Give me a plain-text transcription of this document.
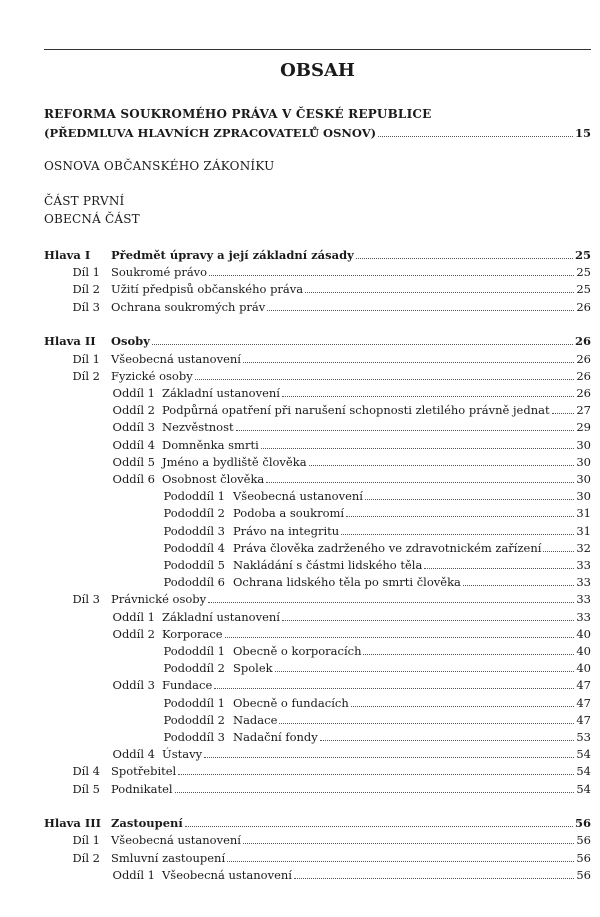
OBSAH
REFORMA SOUKROMÉHO PRÁVA V ČESKÉ REPUBLICE
(PŘEDMLUVA HLAVNÍCH ZPRACOVATELŮ OSNOV)	15
OSNOVA OBČANSKÉHO ZÁKONÍKU
ČÁST PRVNÍ
OBECNÁ ČÁST
Hlava I Předmět úpravy a její základní zásady	25
Díl 1 Soukromé právo	25
Díl 2 Užití předpisů občanského práva	25
Díl 3 Ochrana soukromých práv	26
Hlava II Osoby	26
Díl 1 Všeobecná ustanovení	26
Díl 2 Fyzické osoby	26
Oddíl 1 Základní ustanovení	26
Oddíl 2 Podpůrná opatření při narušení schopnosti zletilého právně jednat 27
Oddíl 3 Nezvěstnost	29
Oddíl 4 Domněnka smrti	30
Oddíl 5 Jméno a bydliště člověka	30
Oddíl 6 Osobnost člověka	30
Pododdíl 1 Všeobecná ustanovení	30
Pododdíl 2 Podoba a soukromí	31
Pododdíl 3 Právo na integritu	31
Pododdíl 4 Práva člověka zadrženého ve zdravotnickém zařízení	32
Pododdíl 5 Nakládání s částmi lidského těla	33
Pododdíl 6 Ochrana lidského těla po smrti člověka	33
Díl 3 Právnické osoby	33
Oddíl 1 Základní ustanovení	33
Oddíl 2 Korporace	40
Pododdíl 1 Obecně o korporacích	40
Pododdíl 2 Spolek	40
Oddíl 3 Fundace	47
Pododdíl 1 Obecně o fundacích	47
Pododdíl 2 Nadace	47
Pododdíl 3 Nadační fondy	53
Oddíl 4 Ústavy	54
Díl 4 Spotřebitel	54
Díl 5 Podnikatel	54
Hlava III Zastoupení	56
Díl 1 Všeobecná ustanovení	56
Díl 2 Smluvní zastoupení	56
Oddíl 1 Všeobecná ustanovení	56
